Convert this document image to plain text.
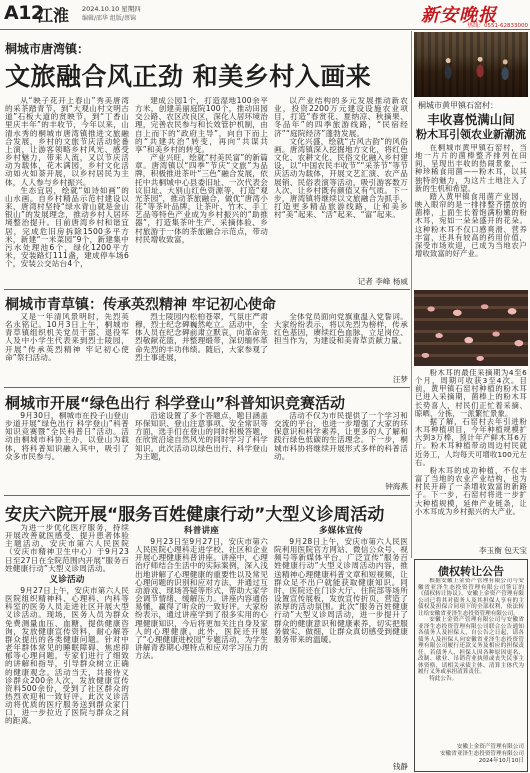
A12
江淮 2024.10.10 星期四
编辑/邵华 组版/蔡锦	新安晚报
热线：0551-62833000
桐城市唐湾镇：
文旅融合风正劲 和美乡村入画来

从“映子花开上春山”秀美唐湾的采茶踏青节，到“大观山村文明古道”石板大道的赏映节，到“丁香山里庆丰年”的丰收节，今年以来，山清水秀的桐城市唐湾镇推进文旅融合发展，乡村的文旅节庆活动轮番上演，让游客领略乡村风光、感受乡村魅力，带来人流，又以节庆活动为载体，花木满园，乡村文化活动如火如荼开展，以乡村居民为主体，人人参与乡村振兴。

生态宜居，绘就“如诗如画”的山水画。自乡村精品示范村建设以来，唐湾村坚持“绿水青山就是金山银山”的发展理念，推动乡村人居环境整治提升。目前唐湾乡村和谐宜居，完成危旧房拆除1500多平方米，新建“一米菜园”9个，新建集中污水处理池6个，绿化1200平方米，安装路灯111盏，建成停车场6个，安装公交站台4个，

建成公园1个，打造湿地100余平方米，创建美丽庭院100个，推动田园交公路、农区改良区，深化人居环境治理，完善农民参与和长效管护机制，由自上而下的“政府主导”，向自下而上的“共建共治”转变，再向“共谋共享”和美乡村的转变。

产业兴旺，绘就“村美民富”的新篇章。唐湾镇以“四季”节庆“文旅”为品牌，积极推进茶叶“三色”融合发展，依托中共桐城中心县委旧址、一次代表会议旧址、大别山红色资源等，打造“观光茶园”，推动茶旅融合，做优“唐湾小花”等茶叶品牌，让茶叶、竹木、手工艺品等特色产业成为乡村振兴的“助推器”，打造集茶叶生产、采摘体验、乡村旅游于一体的茶旅融合示范点，带动村民增收致富，

以产业结构的多元发展推动新农业，投资2200万元建设设施农业项目，打造“春赏花、夏纳凉、秋摘果、冬品年”的四季旅游线路，“民宿经济”“庭院经济”蓬勃发展。

文化兴盛，绘就“古风古韵”的风俗画。唐湾镇深入挖掘地方文化，将红色文化、农耕文化、民俗文化融入乡村建设，以“中国农民丰收节”“采茶节”等节庆活动为载体，开展文艺汇演、农产品展销、民俗表演等活动，吸引游客数万人次，让乡村既有颜值又有气质。下一步，唐湾镇将继续以文旅融合为抓手，打造更多精品旅游线路，让和美乡村“美”起来、“活”起来、“富”起来。

记者 李峰 杨威
桐城市黄甲镇石窑村：
丰收喜悦满山间
粉木耳引领农业新潮流

在桐城市黄甲镇石窑村，当地一片片的菌棒整齐排列在田间，呈现出丰收的热闹景象，一种珍稀食用菌——粉木耳，以其独特的魅力，为这片土地注入了新的生机和希望。

踏入黄甲镇食用菌产业园，映入眼帘的是一排排整齐摆放的菌棒，上面生长着饱满粉嫩的粉木耳，宛如一朵朵盛开的花朵。这种粉木耳不仅口感爽滑、营养丰富，还具有较高的药用价值，深受市场欢迎，已成为当地农户增收致富的好产业。

粉木耳的最佳采摘期为4至6个月，周期可收获3至4次。目前，黄甲镇石窑村种植的粉木耳已进入采摘期，菌棒上的粉木耳长势喜人，村民们正忙着采摘、晾晒、分拣，一派繁忙景象。

据了解，石窑村去年引进粉木耳种植项目，今年种植规模扩大到3万棒，预计年产鲜木耳6万斤。粉木耳种植带动周边村民就近务工，人均每天可增收100元左右。

粉木耳的成功种植，不仅丰富了当地的农业产业结构，也为村民开辟了一条增收致富的新路子。下一步，石窑村将进一步扩大种植规模，延伸产业链条，让小木耳成为乡村振兴的大产业。

李玉衡 包天宝
债权转让公告

根据安徽上金资产管理有限公司与安徽省亚泽生态投资管理有限公司签订的《债权转让协议》，安徽上金资产管理有限公司已将其对债务人及其担保人享有的主债权及担保合同项下的全部权利，依法转让给安徽省亚泽生态投资管理有限公司。

安徽上金资产管理有限公司与安徽省亚泽生态投资管理有限公司联合公告通知各债务人及担保人，自公告之日起，请各债务人及担保人向安徽省亚泽生态投资管理有限公司履行还款义务及相应的担保责任。若债务人、担保人因各种原因更名、改制、歇业、吊销营业执照或丧失民事主体资格，请相关承债主体、清算主体代为履行义务或承担清算责任。

特此公告。

安徽上金资产管理有限公司
安徽省亚泽生态投资管理有限公司
2024年10月10日
桐城市青草镇：传承英烈精神 牢记初心使命

又是一年清风景明时，先烈英名永铭记。10月3日上午，桐城市青草镇组织机关党员干部、退役军人及中小学生代表来到烈士陵园，开展“传承英烈精神 牢记初心使命”祭扫活动。

烈士陵园内松柏苍翠，气氛庄严肃穆，烈士纪念碑巍然屹立。活动中，全体人员在纪念碑前肃立默哀，向革命先烈敬献花篮，并整理缎带，深切缅怀革命先烈的丰功伟绩。随后，大家参观了烈士事迹展，

全体党员面向党旗重温入党誓词。大家纷纷表示，将以先烈为榜样，传承红色基因，赓续红色血脉，立足岗位、担当作为，为建设和美青草贡献力量。

汪梦
桐城市开展“绿色出行 科学登山”科普知识竞赛活动

9月30日，桐城市在投子山登山步道开展“绿色出行 科学登山”科普知识竞赛暨“全民科普日”活动。活动由桐城市科协主办，以登山为载体，将科普知识融入其中，吸引了众多市民参与。

沿途设置了多个答题点，题目涵盖环保知识、登山注意事项、安全常识等方面，选手们在登山的同时积极答题，在欣赏沿途自然风光的同时学习了科学知识。此次活动以绿色出行、科学登山为主题，

活动不仅为市民提供了一个学习和交流的平台，也进一步增强了大家的环保意识和科学素养，让更多的人了解和践行绿色低碳的生活理念。下一步，桐城市科协将继续开展形式多样的科普活动。

钟海燕
安庆六院开展“服务百姓健康行动”大型义诊周活动

为进一步优化医疗服务，持续开展改善就医感受、提升患者体验主题活动，安庆市第六人民医院（安庆市精神卫生中心）于9月23日至27日在全院范围内开展“服务百姓健康行动”大型义诊周活动。

义诊活动

9月27日上午，安庆市第六人民医院组织精神科、心理科、内科等科室的医务人员走进社区开展大型义诊活动。现场，医务人员为群众免费测量血压、血糖，提供健康咨询，发放健康宣传资料，耐心解答群众提出的各类健康问题。针对中老年群体常见的睡眠障碍、焦虑抑郁等心理问题，专家们进行了细致的讲解和指导，引导群众树立正确的健康观念。活动当天，共接待义诊群众200余人次，发放健康宣传资料500余份，受到了社区群众的热烈欢迎和一致好评。此次义诊活动将优质的医疗服务送到群众家门口，进一步拉近了医院与群众之间的距离。

科普讲座

9月23日至9月27日，安庆市第六人民医院心理科走进学校、社区和企业开展心理健康科普讲座。讲座中，心理治疗师结合生活中的实际案例，深入浅出地讲解了心理健康的重要性以及常见心理问题的识别和应对方法，并通过互动游戏、现场答疑等形式，帮助大家学会调节情绪、缓解压力。讲座内容通俗易懂，赢得了听众的一致好评。大家纷纷表示，通过讲座学到了很多实用的心理健康知识，今后将更加关注自身及家人的心理健康。此外，医院还开展了“心理健康进校园”专题活动，为学生讲解青春期心理特点和应对学习压力的方法。

多媒体宣传

9月28日上午，安庆市第六人民医院利用医院官方网站、微信公众号、视频号等新媒体平台，广泛宣传“服务百姓健康行动”大型义诊周活动内容，推送精神心理健康科普文章和短视频，让群众足不出户就能获取健康知识。同时，医院还在门诊大厅、住院部等场所设置宣传展板，发放宣传折页，营造了浓厚的活动氛围。此次“服务百姓健康行动”大型义诊周活动，进一步提升了群众的健康意识和健康素养，切实把服务做实、做细，让群众真切感受到健康服务带来的温暖。

钱静
